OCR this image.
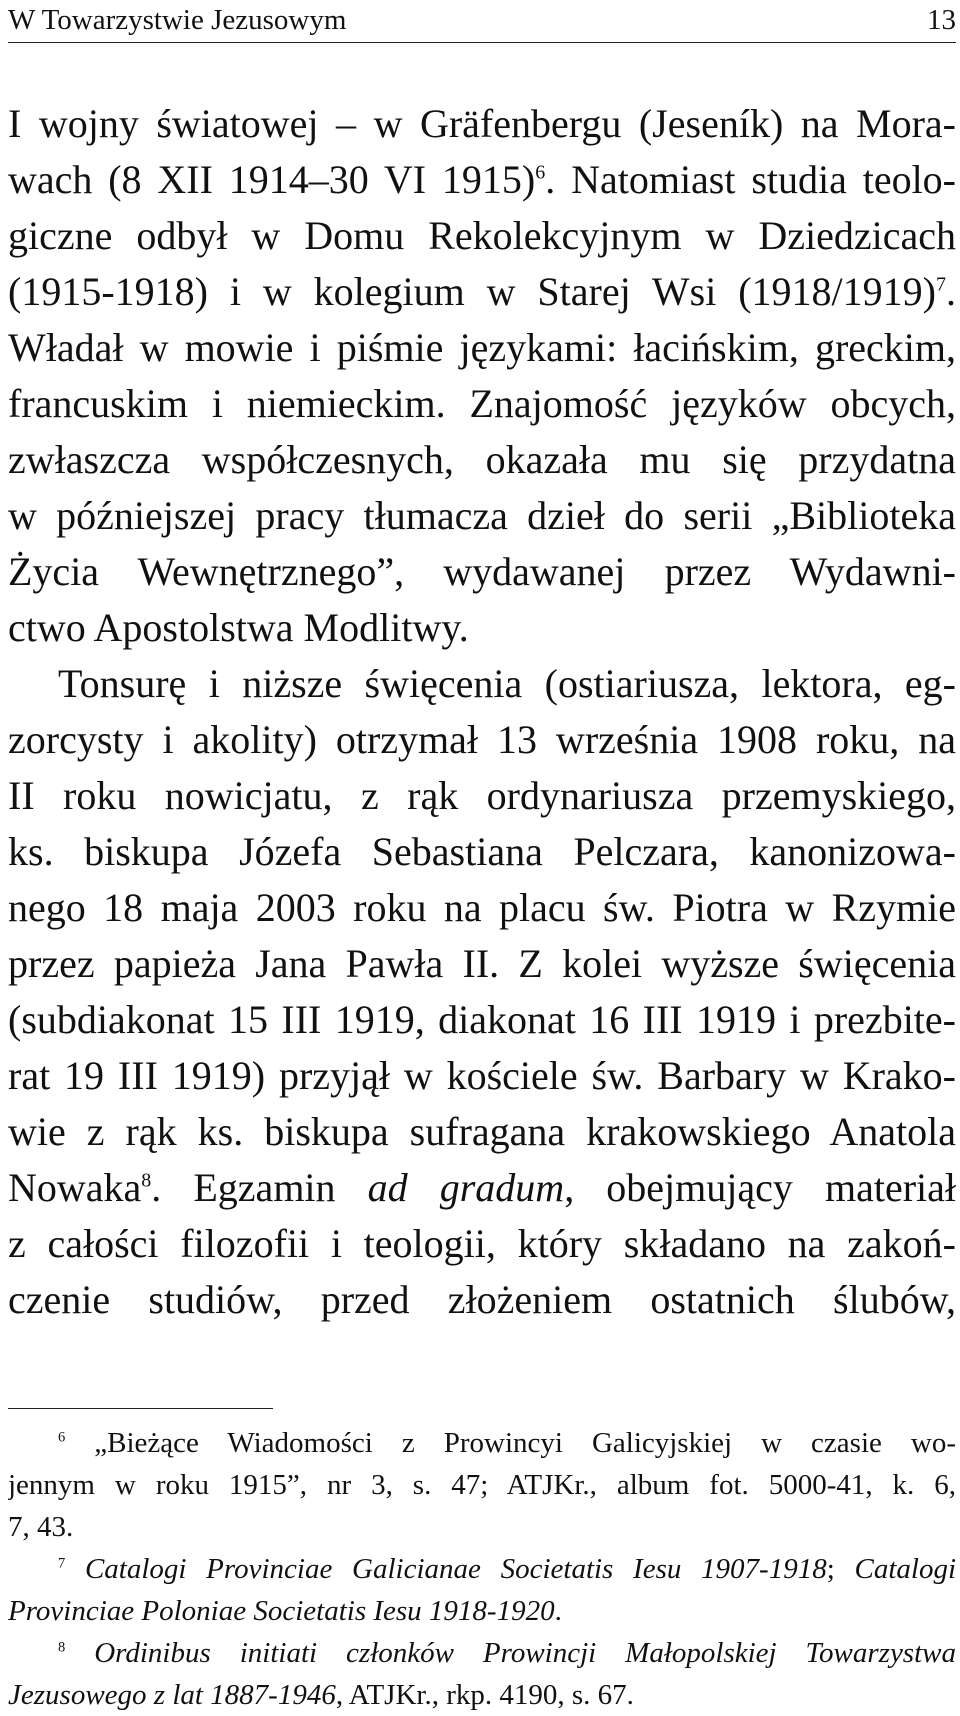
W Towarzystwie Jezusowym	13
I wojny światowej – w Gräfenbergu (Jeseník) na Mora-
wach (8 XII 1914–30 VI 1915)$^6$. Natomiast studia teolo-
giczne odbył w Domu Rekolekcyjnym w Dziedzicach
(1915-1918) i w kolegium w Starej Wsi $(1918/1919)^7$.
Władał w mowie i piśmie językami: łacińskim, greckim,
francuskim i niemieckim. Znajomość języków obcych,
zwłaszcza współczesnych, okazała mu się przydatna
w późniejszej pracy tłumacza dzieł do serii „Biblioteka
Życia Wewnętrznego”, wydawanej przez Wydawni-
ctwo Apostolstwa Modlitwy.
Tonsurę i niższe święcenia (ostiariusza, lektora, eg-
zorcysty i akolity) otrzymał 13 września 1908 roku, na
II roku nowicjatu, z rąk ordynariusza przemyskiego,
ks. biskupa Józefa Sebastiana Pelczara, kanonizowa-
nego 18 maja 2003 roku na placu św. Piotra w Rzymie
przez papieża Jana Pawła II. Z kolei wyższe święcenia
(subdiakonat 15 III 1919, diakonat 16 III 1919 i prezbite-
rat 19 III 1919) przyjął w kościele św. Barbary w Krako-
wie z rąk ks. biskupa sufragana krakowskiego Anatola
Nowaka$^8$. Egzamin ad gradum, obejmujący materiał
z całości filozofii i teologii, który składano na zakoń-
czenie studiów, przed złożeniem ostatnich ślubów,
$^6$ „Bieżące Wiadomości z Prowincyi Galicyjskiej w czasie wo-
jennym w roku 1915”, nr 3, s. 47; ATJKr., album fot. 5000-41, k. 6,
7, 43.
$^7$ Catalogi Provinciae Galicianae Societatis Iesu 1907-1918; Catalogi
Provinciae Poloniae Societatis Iesu 1918-1920.
$^8$ Ordinibus initiati członków Prowincji Małopolskiej Towarzystwa
Jezusowego z lat 1887-1946, ATJKr., rkp. 4190, s. 67.
